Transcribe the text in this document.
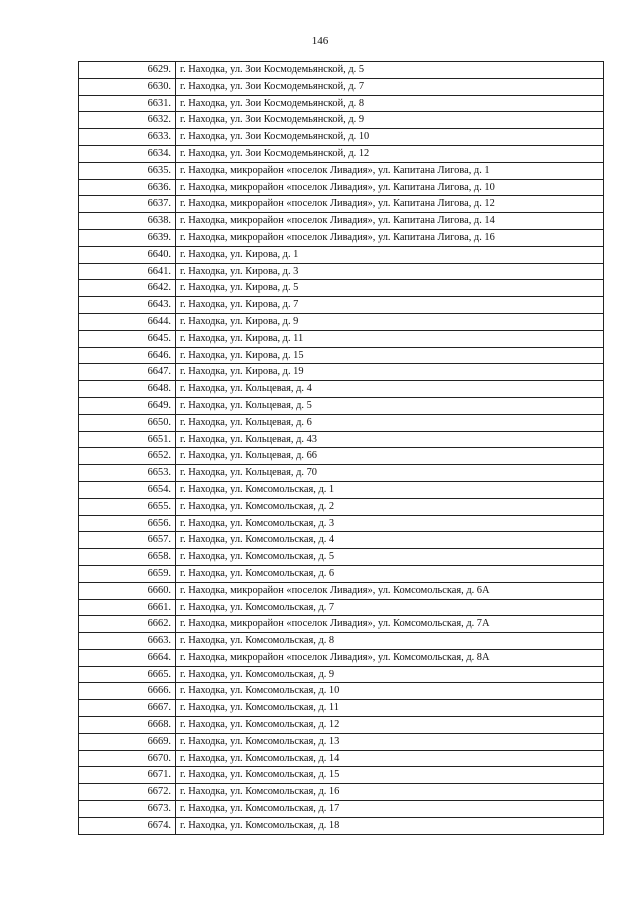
146
6629.	г. Находка, ул. Зои Космодемьянской, д. 5
6630.	г. Находка, ул. Зои Космодемьянской, д. 7
6631.	г. Находка, ул. Зои Космодемьянской, д. 8
6632.	г. Находка, ул. Зои Космодемьянской, д. 9
6633.	г. Находка, ул. Зои Космодемьянской, д. 10
6634.	г. Находка, ул. Зои Космодемьянской, д. 12
6635.	г. Находка, микрорайон «поселок Ливадия», ул. Капитана Лигова, д. 1
6636.	г. Находка, микрорайон «поселок Ливадия», ул. Капитана Лигова, д. 10
6637.	г. Находка, микрорайон «поселок Ливадия», ул. Капитана Лигова, д. 12
6638.	г. Находка, микрорайон «поселок Ливадия», ул. Капитана Лигова, д. 14
6639.	г. Находка, микрорайон «поселок Ливадия», ул. Капитана Лигова, д. 16
6640.	г. Находка, ул. Кирова, д. 1
6641.	г. Находка, ул. Кирова, д. 3
6642.	г. Находка, ул. Кирова, д. 5
6643.	г. Находка, ул. Кирова, д. 7
6644.	г. Находка, ул. Кирова, д. 9
6645.	г. Находка, ул. Кирова, д. 11
6646.	г. Находка, ул. Кирова, д. 15
6647.	г. Находка, ул. Кирова, д. 19
6648.	г. Находка, ул. Кольцевая, д. 4
6649.	г. Находка, ул. Кольцевая, д. 5
6650.	г. Находка, ул. Кольцевая, д. 6
6651.	г. Находка, ул. Кольцевая, д. 43
6652.	г. Находка, ул. Кольцевая, д. 66
6653.	г. Находка, ул. Кольцевая, д. 70
6654.	г. Находка, ул. Комсомольская, д. 1
6655.	г. Находка, ул. Комсомольская, д. 2
6656.	г. Находка, ул. Комсомольская, д. 3
6657.	г. Находка, ул. Комсомольская, д. 4
6658.	г. Находка, ул. Комсомольская, д. 5
6659.	г. Находка, ул. Комсомольская, д. 6
6660.	г. Находка, микрорайон «поселок Ливадия», ул. Комсомольская, д. 6А
6661.	г. Находка, ул. Комсомольская, д. 7
6662.	г. Находка, микрорайон «поселок Ливадия», ул. Комсомольская, д. 7А
6663.	г. Находка, ул. Комсомольская, д. 8
6664.	г. Находка, микрорайон «поселок Ливадия», ул. Комсомольская, д. 8А
6665.	г. Находка, ул. Комсомольская, д. 9
6666.	г. Находка, ул. Комсомольская, д. 10
6667.	г. Находка, ул. Комсомольская, д. 11
6668.	г. Находка, ул. Комсомольская, д. 12
6669.	г. Находка, ул. Комсомольская, д. 13
6670.	г. Находка, ул. Комсомольская, д. 14
6671.	г. Находка, ул. Комсомольская, д. 15
6672.	г. Находка, ул. Комсомольская, д. 16
6673.	г. Находка, ул. Комсомольская, д. 17
6674.	г. Находка, ул. Комсомольская, д. 18
